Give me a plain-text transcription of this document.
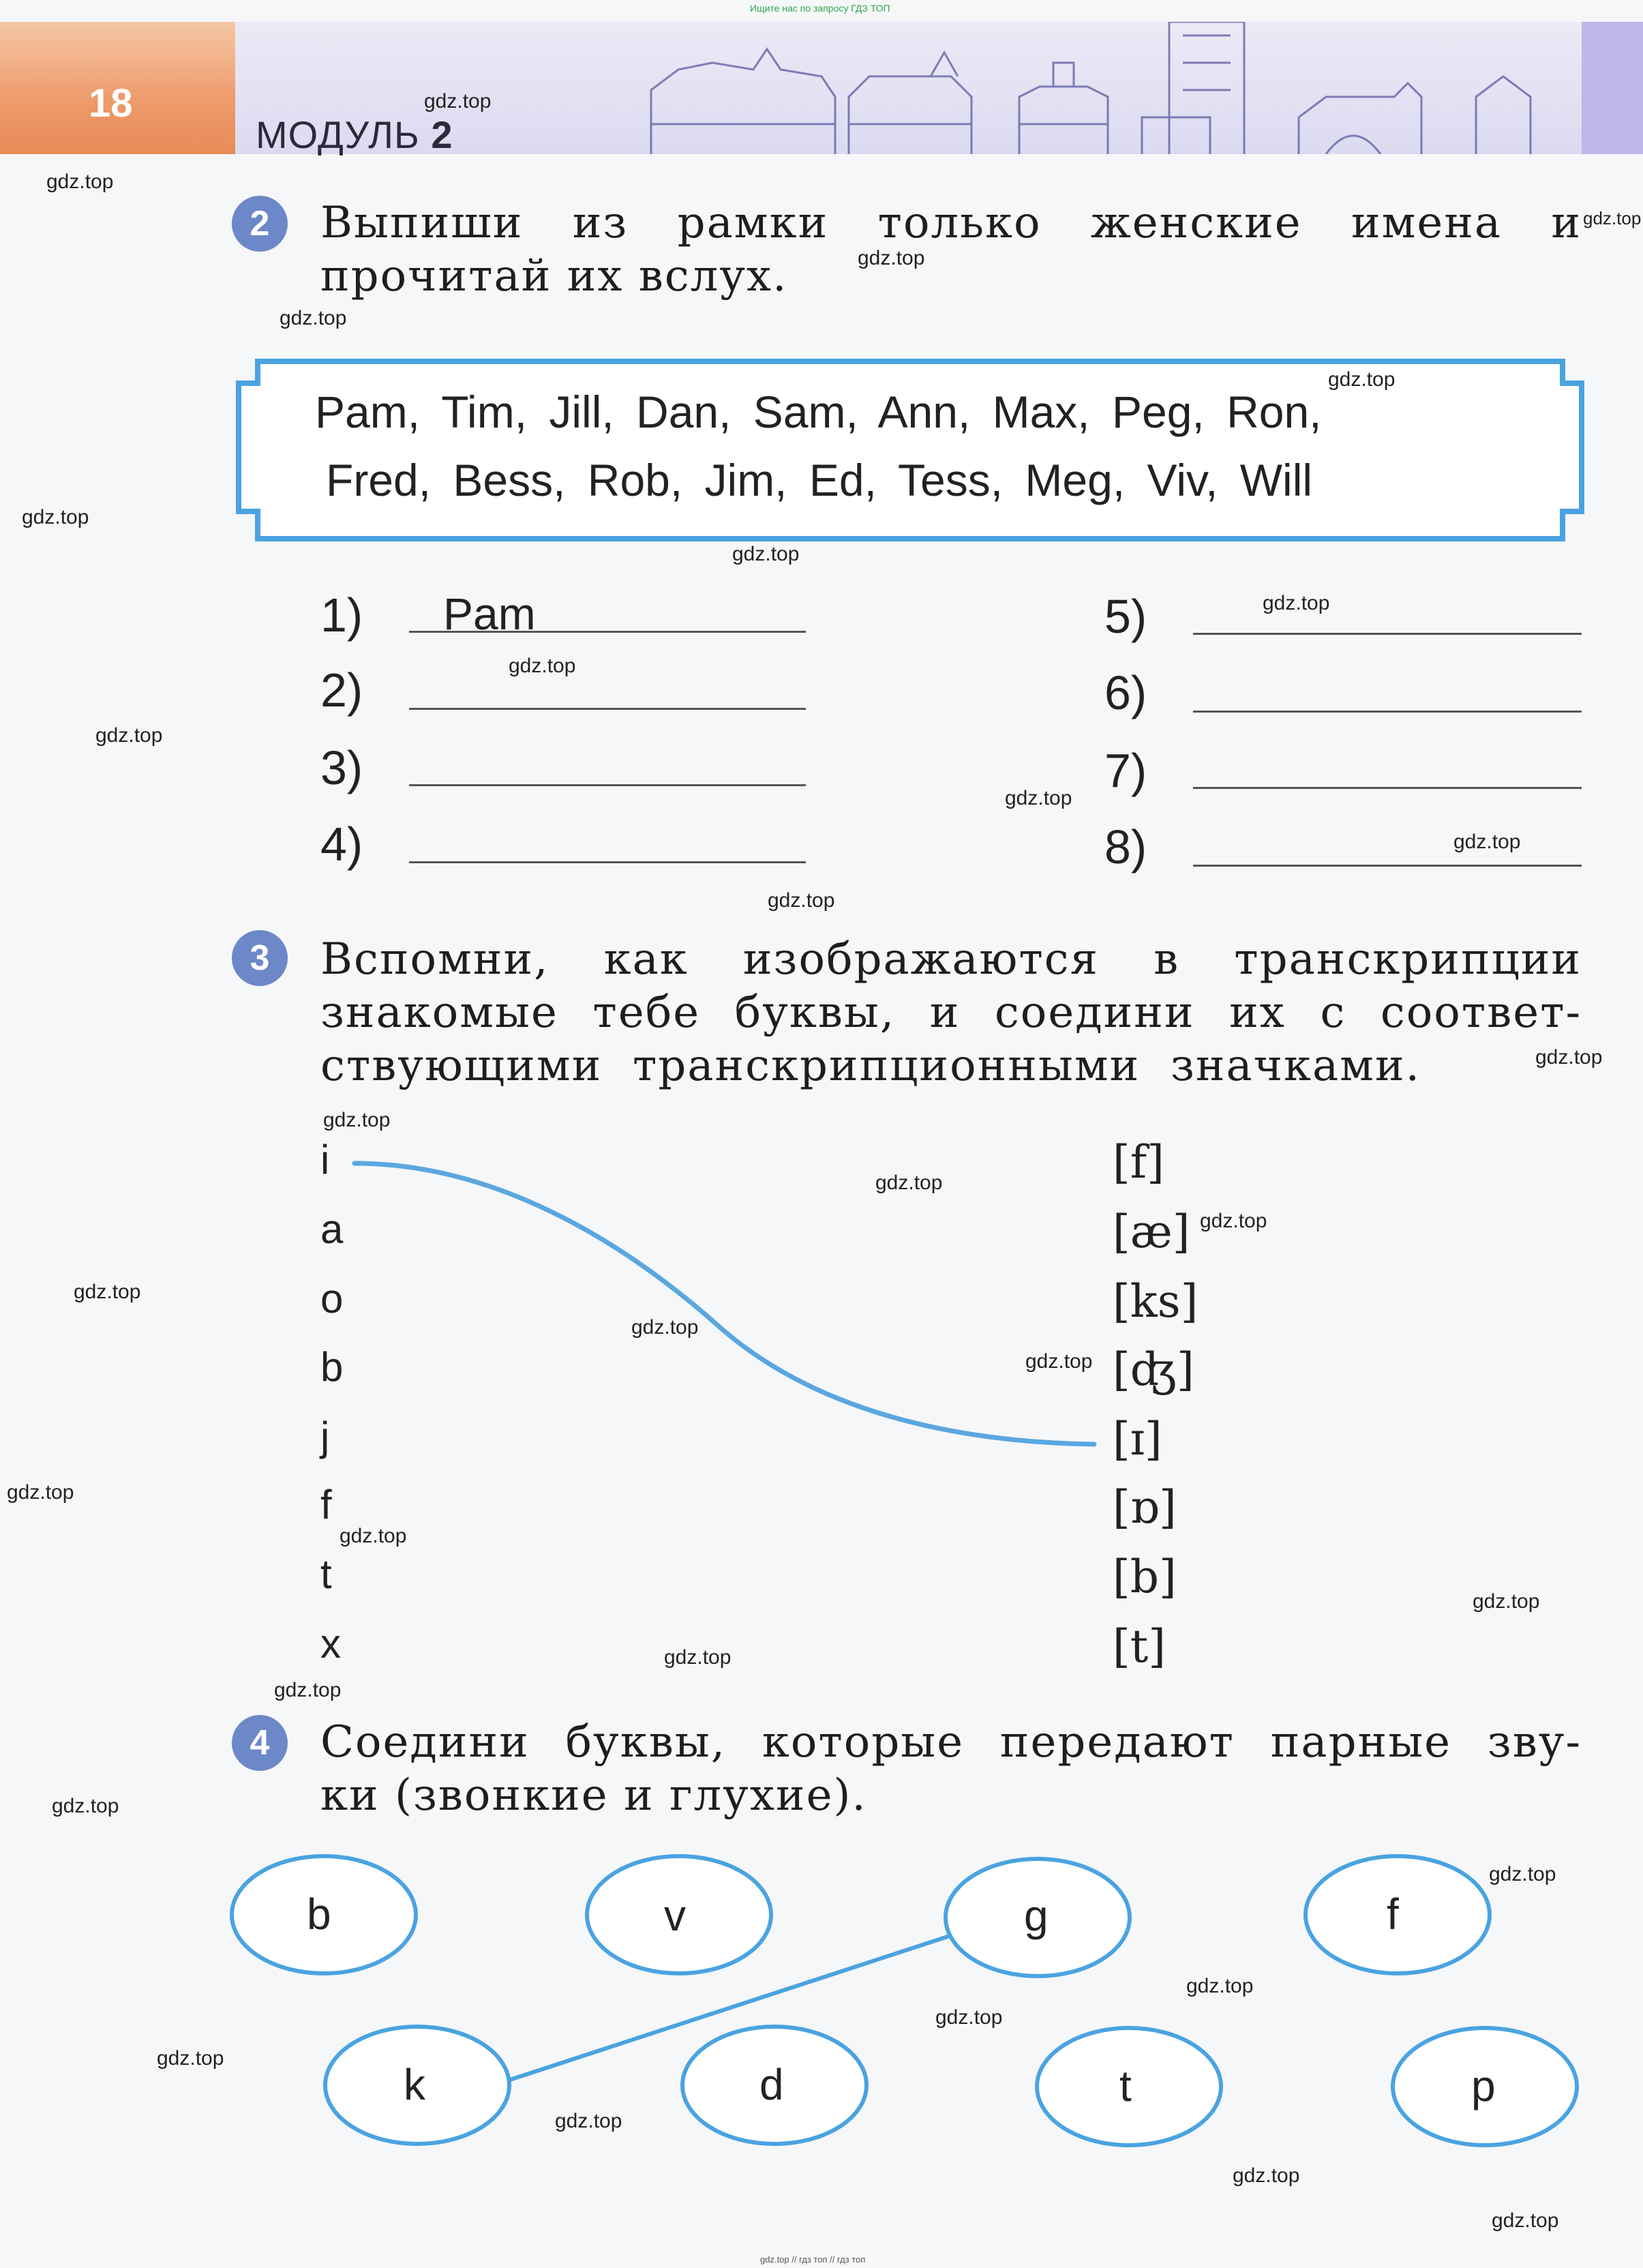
Ищите нас по запросу ГДЗ ТОП
18
МОДУЛЬ 2
2	Выпиши из рамки только женские имена и
прочитай их вслух.
Pam, Tim, Jill, Dan, Sam, Ann, Max, Peg, Ron,
Fred, Bess, Rob, Jim, Ed, Tess, Meg, Viv, Will
1) Pam
2)
3)
4)
5)
6)
7)
8)
3	Вспомни, как изображаются в транскрипции
знакомые тебе буквы, и соедини их с соответ-
ствующими транскрипционными значками.
i
a
o
b
j
f
t
x
[f]
[æ]
[ks]
[ʤ]
[ɪ]
[ɒ]
[b]
[t]
4	Соедини буквы, которые передают парные зву-
ки (звонкие и глухие).
b	v	g	f
k	d	t	p
gdz.top
gdz.top
gdz.top
gdz.top
gdz.top
gdz.top
gdz.top
gdz.top
gdz.top
gdz.top
gdz.top
gdz.top
gdz.top
gdz.top
gdz.top
gdz.top
gdz.top
gdz.top
gdz.top
gdz.top
gdz.top
gdz.top
gdz.top
gdz.top
gdz.top
gdz.top
gdz.top
gdz.top
gdz.top
gdz.top
gdz.top
gdz.top
gdz.top
gdz.top
gdz.top // гдз топ // гдз топ
